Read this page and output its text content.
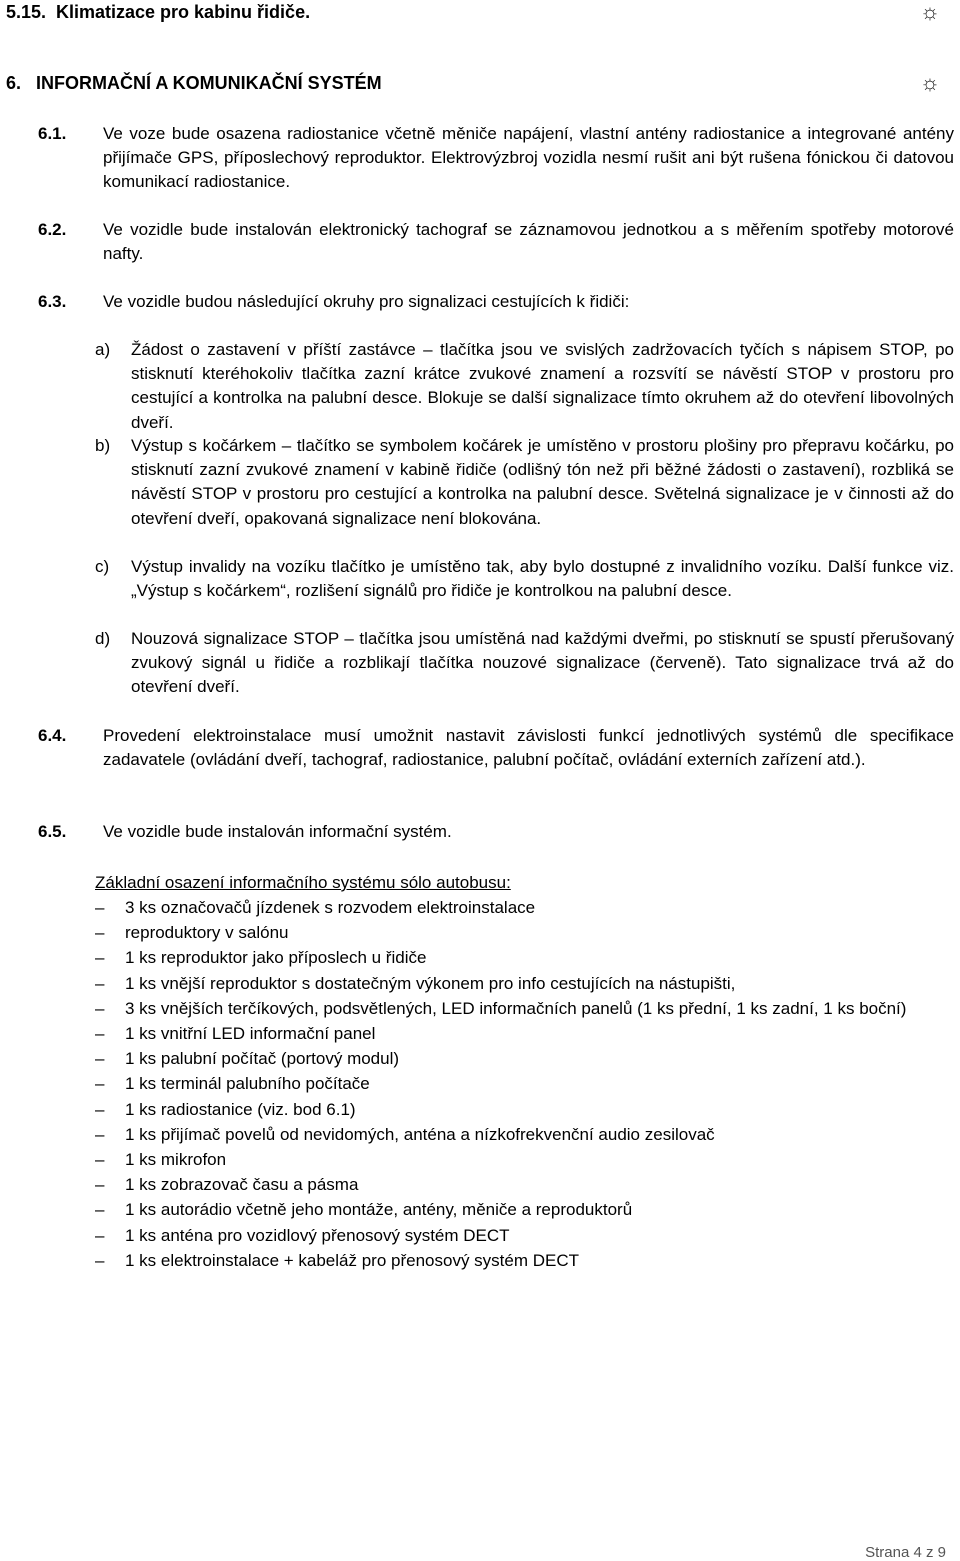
5.15. Klimatizace pro kabinu řidiče.	☼
6. INFORMAČNÍ A KOMUNIKAČNÍ SYSTÉM	☼
6.1. Ve voze bude osazena radiostanice včetně měniče napájení, vlastní antény radiostanice a integrované antény přijímače GPS, příposlechový reproduktor. Elektrovýzbroj vozidla nesmí rušit ani být rušena fónickou či datovou komunikací radiostanice.
6.2. Ve vozidle bude instalován elektronický tachograf se záznamovou jednotkou a s měřením spotřeby motorové nafty.
6.3. Ve vozidle budou následující okruhy pro signalizaci cestujících k řidiči:
a) Žádost o zastavení v příští zastávce – tlačítka jsou ve svislých zadržovacích tyčích s nápisem STOP, po stisknutí kteréhokoliv tlačítka zazní krátce zvukové znamení a rozsvítí se návěstí STOP v prostoru pro cestující a kontrolka na palubní desce. Blokuje se další signalizace tímto okruhem až do otevření libovolných dveří.
b) Výstup s kočárkem – tlačítko se symbolem kočárek je umístěno v prostoru plošiny pro přepravu kočárku, po stisknutí zazní zvukové znamení v kabině řidiče (odlišný tón než při běžné žádosti o zastavení), rozbliká se návěstí STOP v prostoru pro cestující a kontrolka na palubní desce. Světelná signalizace je v činnosti až do otevření dveří, opakovaná signalizace není blokována.
c) Výstup invalidy na vozíku tlačítko je umístěno tak, aby bylo dostupné z invalidního vozíku. Další funkce viz. „Výstup s kočárkem“, rozlišení signálů pro řidiče je kontrolkou na palubní desce.
d) Nouzová signalizace STOP – tlačítka jsou umístěná nad každými dveřmi, po stisknutí se spustí přerušovaný zvukový signál u řidiče a rozblikají tlačítka nouzové signalizace (červeně). Tato signalizace trvá až do otevření dveří.
6.4. Provedení elektroinstalace musí umožnit nastavit závislosti funkcí jednotlivých systémů dle specifikace zadavatele (ovládání dveří, tachograf, radiostanice, palubní počítač, ovládání externích zařízení atd.).
6.5. Ve vozidle bude instalován informační systém.
Základní osazení informačního systému sólo autobusu:
– 3 ks označovačů jízdenek s rozvodem elektroinstalace
– reproduktory v salónu
– 1 ks reproduktor jako příposlech u řidiče
– 1 ks vnější reproduktor s dostatečným výkonem pro info cestujících na nástupišti,
– 3 ks vnějších terčíkových, podsvětlených, LED informačních panelů (1 ks přední, 1 ks zadní, 1 ks boční)
– 1 ks vnitřní LED informační panel
– 1 ks palubní počítač (portový modul)
– 1 ks terminál palubního počítače
– 1 ks radiostanice (viz. bod 6.1)
– 1 ks přijímač povelů od nevidomých, anténa a nízkofrekvenční audio zesilovač
– 1 ks mikrofon
– 1 ks zobrazovač času a pásma
– 1 ks autorádio včetně jeho montáže, antény, měniče a reproduktorů
– 1 ks anténa pro vozidlový přenosový systém DECT
– 1 ks elektroinstalace + kabeláž pro přenosový systém DECT
Strana 4 z 9
